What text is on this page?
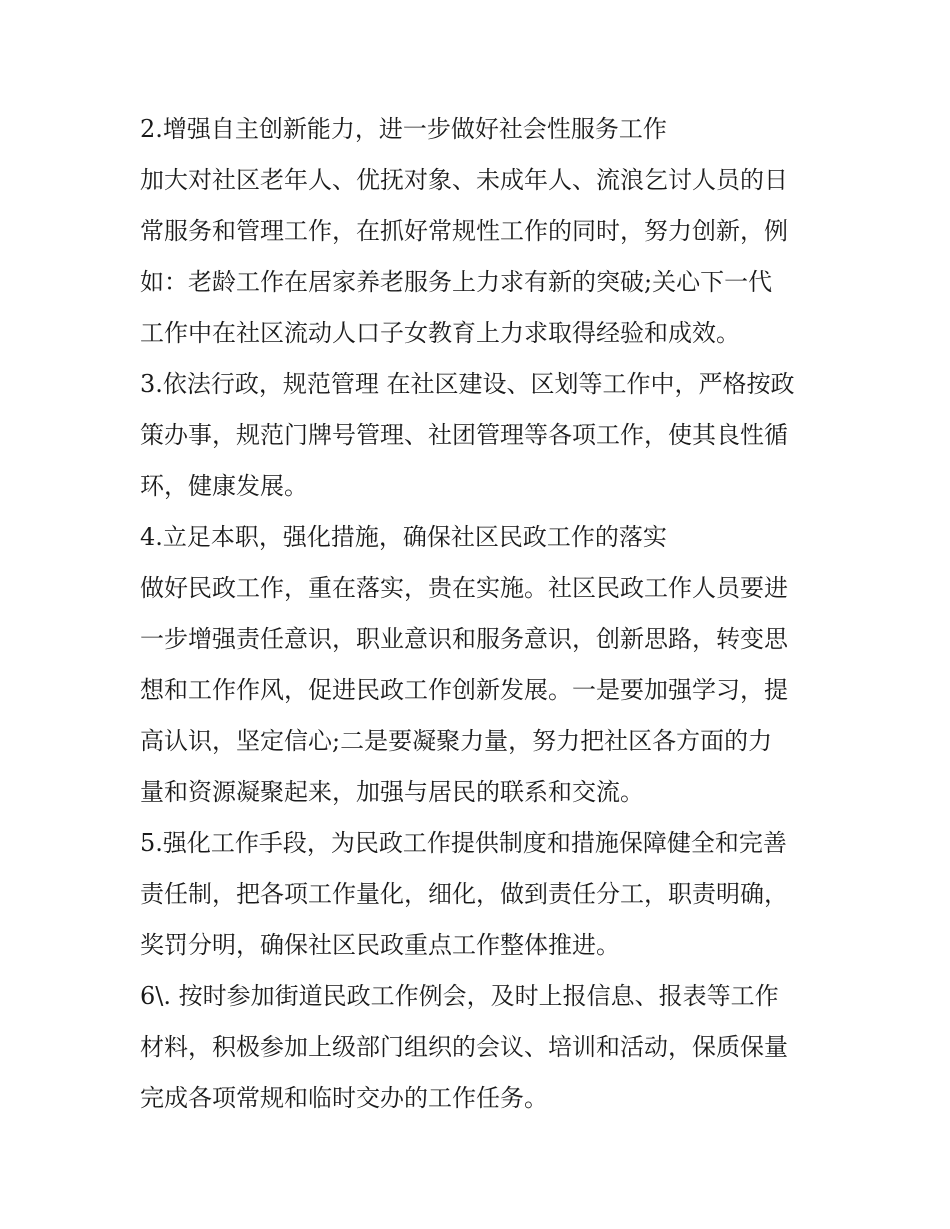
2.增强自主创新能力，进一步做好社会性服务工作
加大对社区老年人、优抚对象、未成年人、流浪乞讨人员的日
常服务和管理工作，在抓好常规性工作的同时，努力创新，例
如：老龄工作在居家养老服务上力求有新的突破;关心下一代
工作中在社区流动人口子女教育上力求取得经验和成效。
3.依法行政，规范管理 在社区建设、区划等工作中，严格按政
策办事，规范门牌号管理、社团管理等各项工作，使其良性循
环，健康发展。
4.立足本职，强化措施，确保社区民政工作的落实
做好民政工作，重在落实，贵在实施。社区民政工作人员要进
一步增强责任意识，职业意识和服务意识，创新思路，转变思
想和工作作风，促进民政工作创新发展。一是要加强学习，提
高认识，坚定信心;二是要凝聚力量，努力把社区各方面的力
量和资源凝聚起来，加强与居民的联系和交流。
5.强化工作手段，为民政工作提供制度和措施保障健全和完善
责任制，把各项工作量化，细化，做到责任分工，职责明确，
奖罚分明，确保社区民政重点工作整体推进。
6\. 按时参加街道民政工作例会，及时上报信息、报表等工作
材料，积极参加上级部门组织的会议、培训和活动，保质保量
完成各项常规和临时交办的工作任务。
